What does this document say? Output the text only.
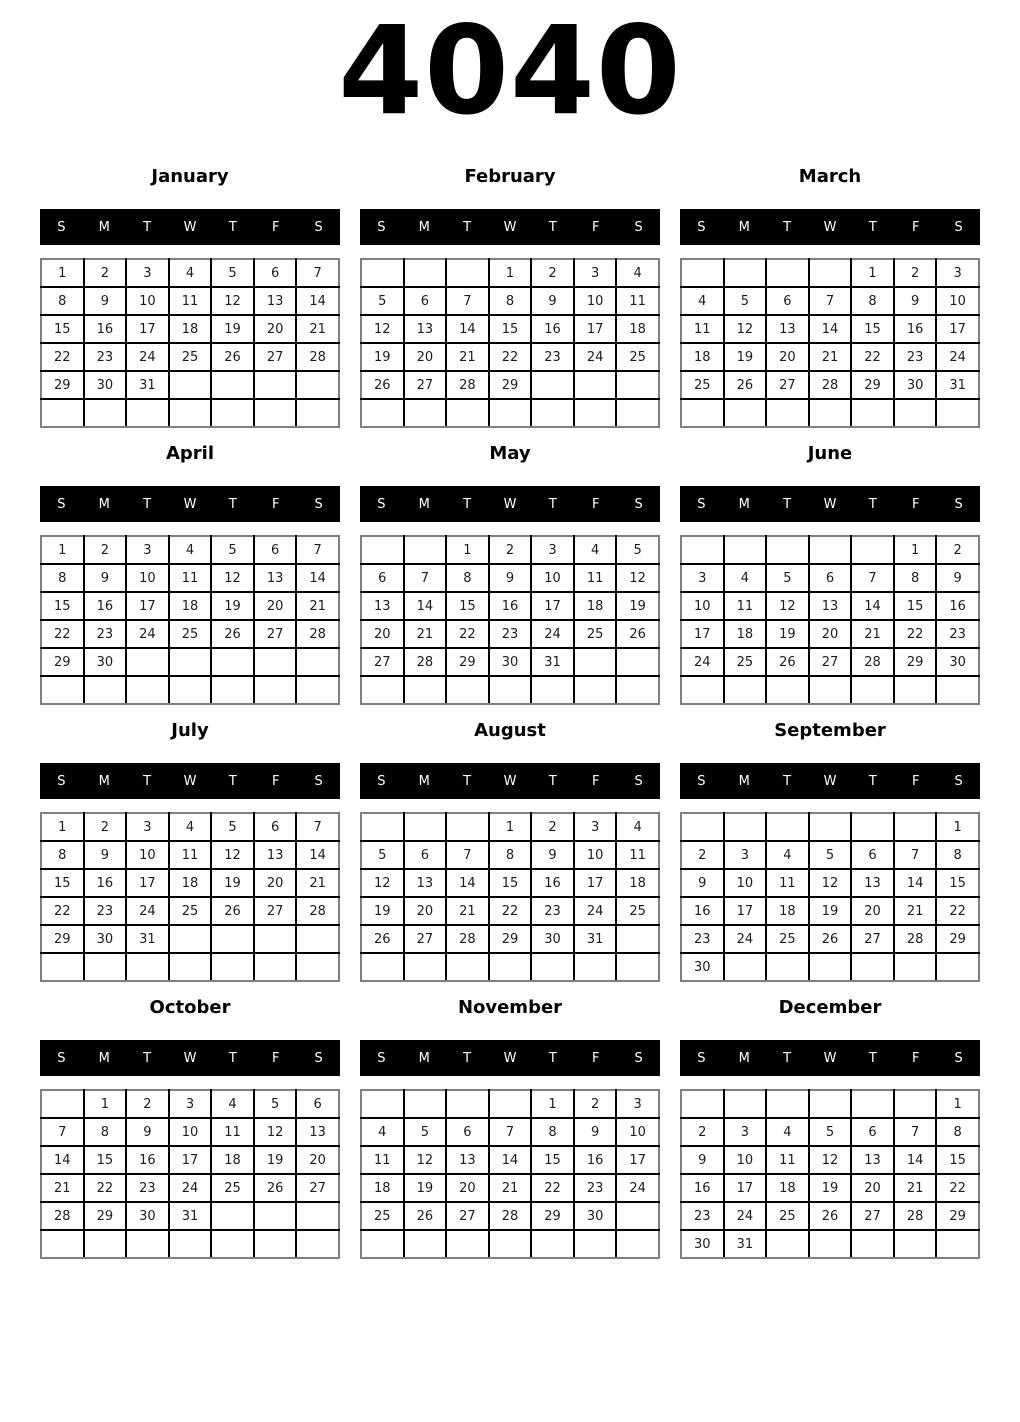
4040
January
S	M	T	W	T	F	S
1	2	3	4	5	6	7
8	9	10	11	12	13	14
15	16	17	18	19	20	21
22	23	24	25	26	27	28
29	30	31				

February
S	M	T	W	T	F	S
			1	2	3	4
5	6	7	8	9	10	11
12	13	14	15	16	17	18
19	20	21	22	23	24	25
26	27	28	29			

March
S	M	T	W	T	F	S
				1	2	3
4	5	6	7	8	9	10
11	12	13	14	15	16	17
18	19	20	21	22	23	24
25	26	27	28	29	30	31

April
S	M	T	W	T	F	S
1	2	3	4	5	6	7
8	9	10	11	12	13	14
15	16	17	18	19	20	21
22	23	24	25	26	27	28
29	30					

May
S	M	T	W	T	F	S
		1	2	3	4	5
6	7	8	9	10	11	12
13	14	15	16	17	18	19
20	21	22	23	24	25	26
27	28	29	30	31		

June
S	M	T	W	T	F	S
					1	2
3	4	5	6	7	8	9
10	11	12	13	14	15	16
17	18	19	20	21	22	23
24	25	26	27	28	29	30

July
S	M	T	W	T	F	S
1	2	3	4	5	6	7
8	9	10	11	12	13	14
15	16	17	18	19	20	21
22	23	24	25	26	27	28
29	30	31				

August
S	M	T	W	T	F	S
			1	2	3	4
5	6	7	8	9	10	11
12	13	14	15	16	17	18
19	20	21	22	23	24	25
26	27	28	29	30	31	

September
S	M	T	W	T	F	S
						1
2	3	4	5	6	7	8
9	10	11	12	13	14	15
16	17	18	19	20	21	22
23	24	25	26	27	28	29
30						
October
S	M	T	W	T	F	S
	1	2	3	4	5	6
7	8	9	10	11	12	13
14	15	16	17	18	19	20
21	22	23	24	25	26	27
28	29	30	31			

November
S	M	T	W	T	F	S
				1	2	3
4	5	6	7	8	9	10
11	12	13	14	15	16	17
18	19	20	21	22	23	24
25	26	27	28	29	30	

December
S	M	T	W	T	F	S
						1
2	3	4	5	6	7	8
9	10	11	12	13	14	15
16	17	18	19	20	21	22
23	24	25	26	27	28	29
30	31					
